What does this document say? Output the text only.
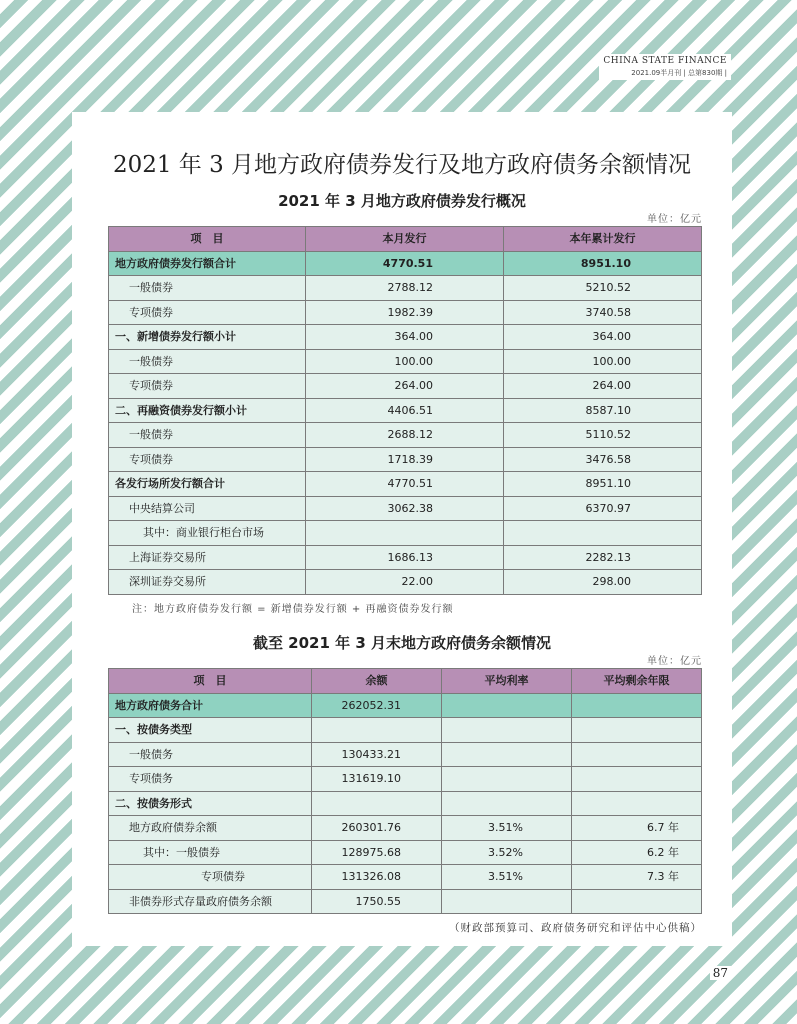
CHINA STATE FINANCE
2021.09半月刊 | 总第830期 |
2021 年 3 月地方政府债券发行及地方政府债务余额情况
2021 年 3 月地方政府债券发行概况
单位：亿元
项　目	本月发行	本年累计发行
地方政府债券发行额合计	4770.51	8951.10
一般债券	2788.12	5210.52
专项债券	1982.39	3740.58
一、新增债券发行额小计	364.00	364.00
一般债券	100.00	100.00
专项债券	264.00	264.00
二、再融资债券发行额小计	4406.51	8587.10
一般债券	2688.12	5110.52
专项债券	1718.39	3476.58
各发行场所发行额合计	4770.51	8951.10
中央结算公司	3062.38	6370.97
其中：商业银行柜台市场		
上海证券交易所	1686.13	2282.13
深圳证券交易所	22.00	298.00
注：地方政府债券发行额 = 新增债券发行额 + 再融资债券发行额
截至 2021 年 3 月末地方政府债务余额情况
单位：亿元
项　目	余额	平均利率	平均剩余年限
地方政府债务合计	262052.31		
一、按债务类型			
一般债务	130433.21		
专项债务	131619.10		
二、按债务形式			
地方政府债券余额	260301.76	3.51%	6.7 年
其中：一般债券	128975.68	3.52%	6.2 年
专项债券	131326.08	3.51%	7.3 年
非债券形式存量政府债务余额	1750.55		
（财政部预算司、政府债务研究和评估中心供稿）
87
